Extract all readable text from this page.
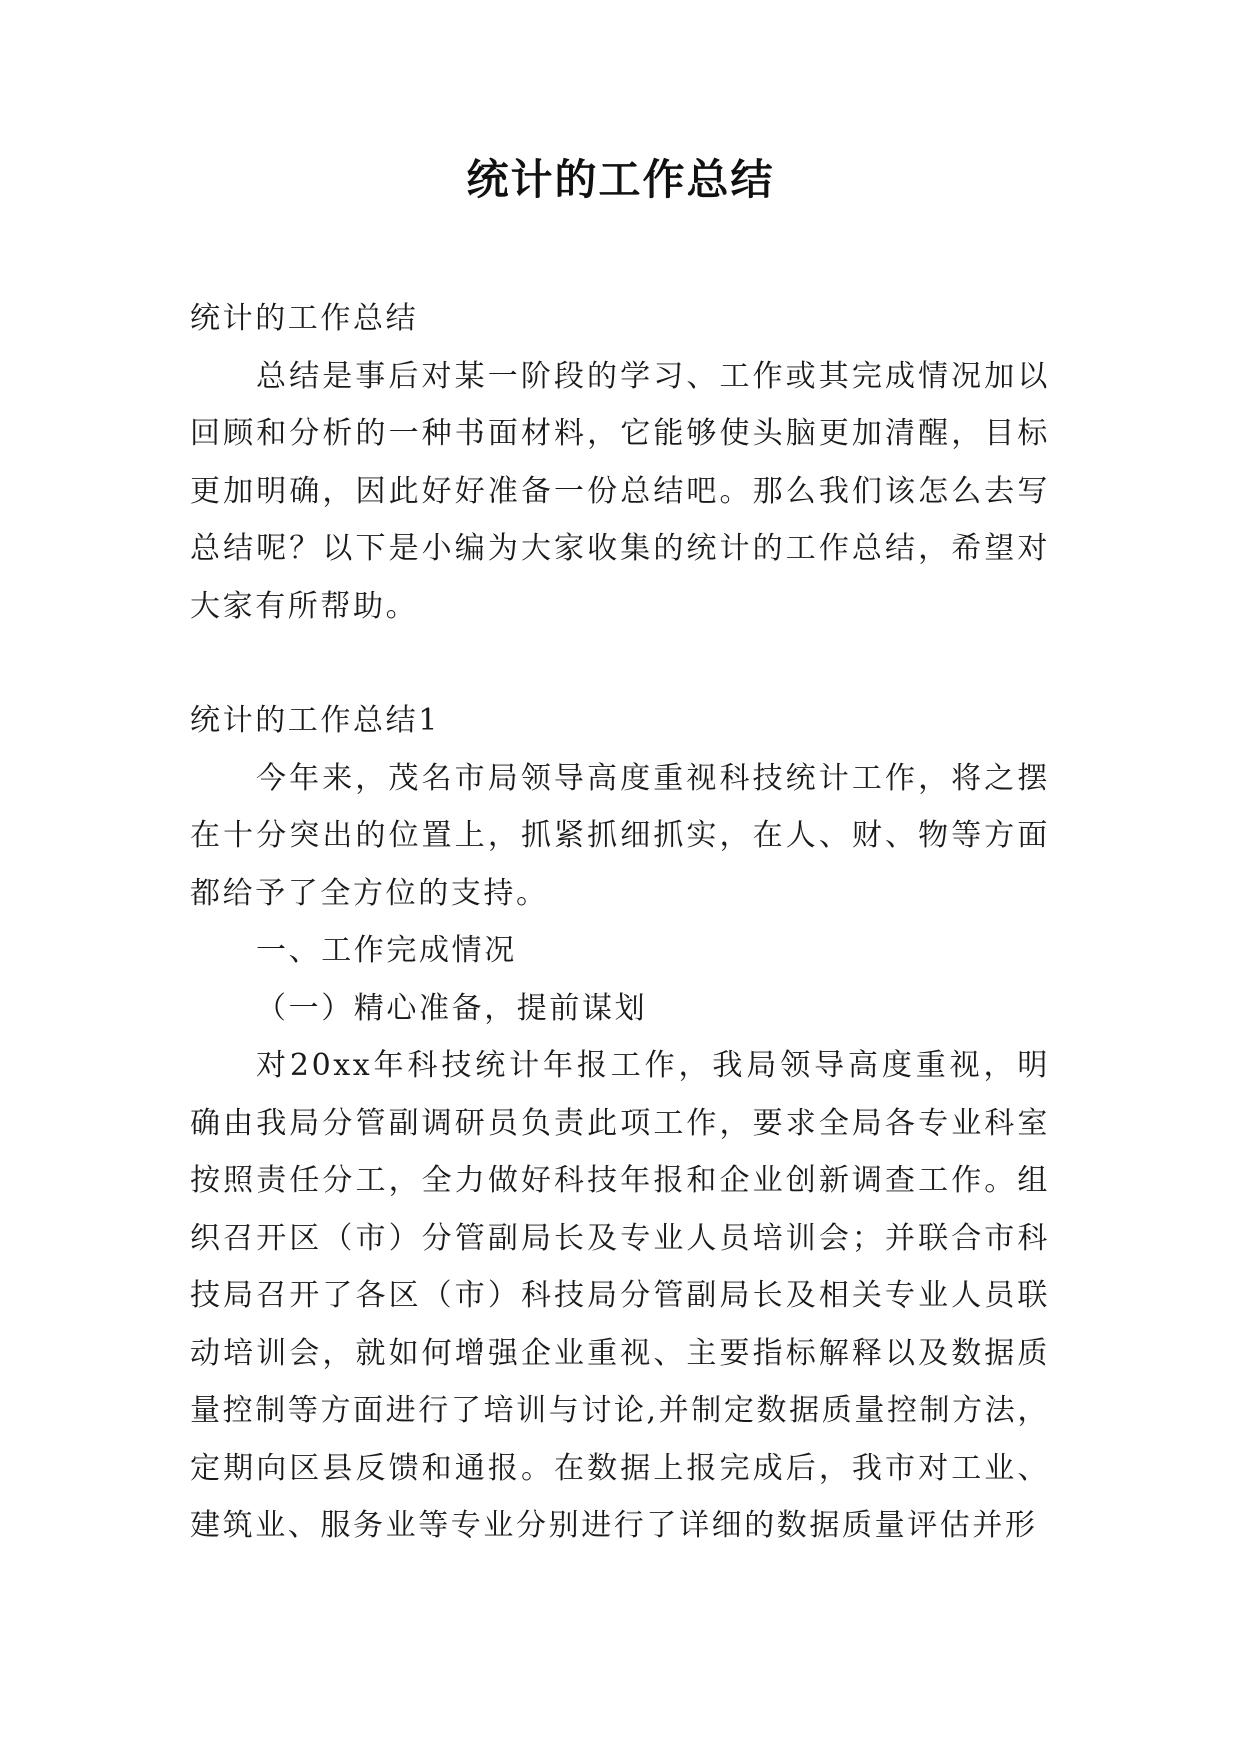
统计的工作总结

统计的工作总结

总结是事后对某一阶段的学习、工作或其完成情况加以回顾和分析的一种书面材料，它能够使头脑更加清醒，目标更加明确，因此好好准备一份总结吧。那么我们该怎么去写总结呢？以下是小编为大家收集的统计的工作总结，希望对大家有所帮助。

统计的工作总结1

今年来，茂名市局领导高度重视科技统计工作，将之摆在十分突出的位置上，抓紧抓细抓实，在人、财、物等方面都给予了全方位的支持。

一、工作完成情况

（一）精心准备，提前谋划

对20xx年科技统计年报工作，我局领导高度重视，明确由我局分管副调研员负责此项工作，要求全局各专业科室按照责任分工，全力做好科技年报和企业创新调查工作。组织召开区（市）分管副局长及专业人员培训会；并联合市科技局召开了各区（市）科技局分管副局长及相关专业人员联动培训会，就如何增强企业重视、主要指标解释以及数据质量控制等方面进行了培训与讨论,并制定数据质量控制方法，定期向区县反馈和通报。在数据上报完成后，我市对工业、建筑业、服务业等专业分别进行了详细的数据质量评估并形
